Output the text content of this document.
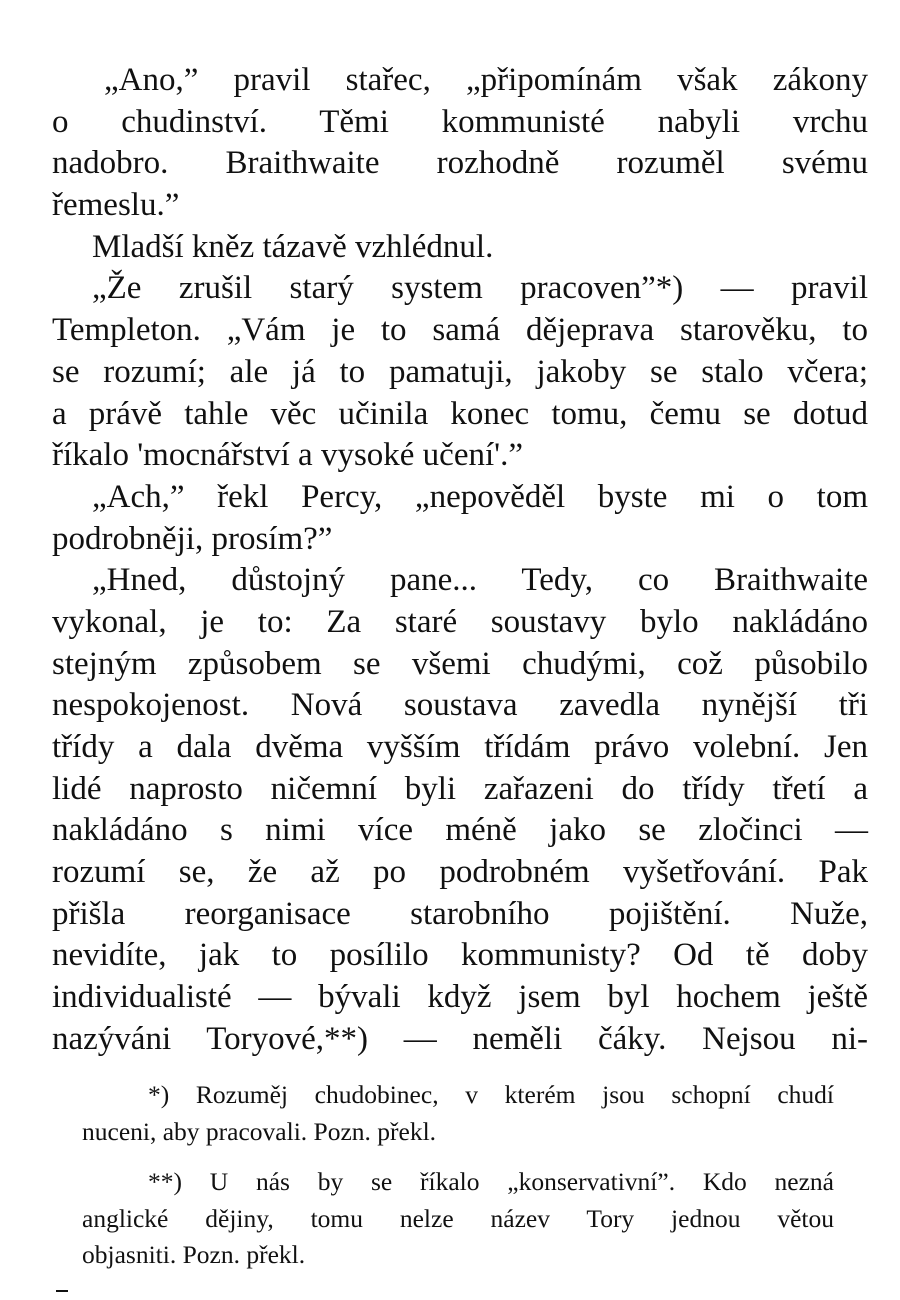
„Ano,” pravil stařec, „připomínám však zákony
o chudinství. Těmi kommunisté nabyli vrchu
nadobro. Braithwaite rozhodně rozuměl svému
řemeslu.”
Mladší kněz tázavě vzhlédnul.
„Že zrušil starý system pracoven”*) — pravil
Templeton. „Vám je to samá dějeprava starověku, to
se rozumí; ale já to pamatuji, jakoby se stalo včera;
a právě tahle věc učinila konec tomu, čemu se dotud
říkalo 'mocnářství a vysoké učení'.”
„Ach,” řekl Percy, „nepověděl byste mi o tom
podrobněji, prosím?”
„Hned, důstojný pane... Tedy, co Braithwaite
vykonal, je to: Za staré soustavy bylo nakládáno
stejným způsobem se všemi chudými, což působilo
nespokojenost. Nová soustava zavedla nynější tři
třídy a dala dvěma vyšším třídám právo volební. Jen
lidé naprosto ničemní byli zařazeni do třídy třetí a
nakládáno s nimi více méně jako se zločinci —
rozumí se, že až po podrobném vyšetřování. Pak
přišla reorganisace starobního pojištění. Nuže,
nevidíte, jak to posílilo kommunisty? Od tě doby
individualisté — bývali když jsem byl hochem ještě
nazýváni Toryové,**) — neměli čáky. Nejsou ni-
*) Rozuměj chudobinec, v kterém jsou schopní chudí
nuceni, aby pracovali. Pozn. překl.
**) U nás by se říkalo „konservativní”. Kdo nezná
anglické dějiny, tomu nelze název Tory jednou větou
objasniti. Pozn. překl.
